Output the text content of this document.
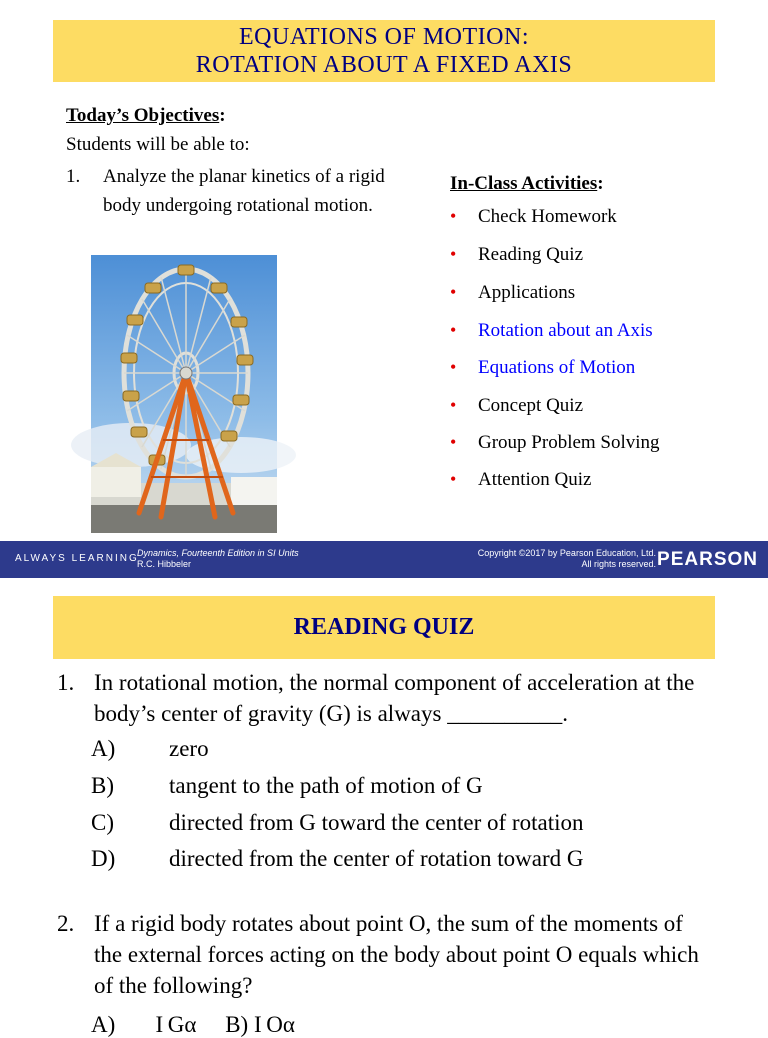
EQUATIONS OF MOTION:
ROTATION ABOUT A FIXED AXIS
Today’s Objectives:
Students will be able to:
1. Analyze the planar kinetics of a rigid body undergoing rotational motion.
In-Class Activities:
• Check Homework
• Reading Quiz
• Applications
• Rotation about an Axis
• Equations of Motion
• Concept Quiz
• Group Problem Solving
• Attention Quiz
ALWAYS LEARNING
Dynamics, Fourteenth Edition in SI Units
R.C. Hibbeler
Copyright ©2017 by Pearson Education, Ltd.
All rights reserved. PEARSON
READING QUIZ
1. In rotational motion, the normal component of acceleration at the body’s center of gravity (G) is always __________.
A) zero
B) tangent to the path of motion of G
C) directed from G toward the center of rotation
D) directed from the center of rotation toward G
2. If a rigid body rotates about point O, the sum of the moments of the external forces acting on the body about point O equals which of the following?
A)       I Gα     B) I Oα
